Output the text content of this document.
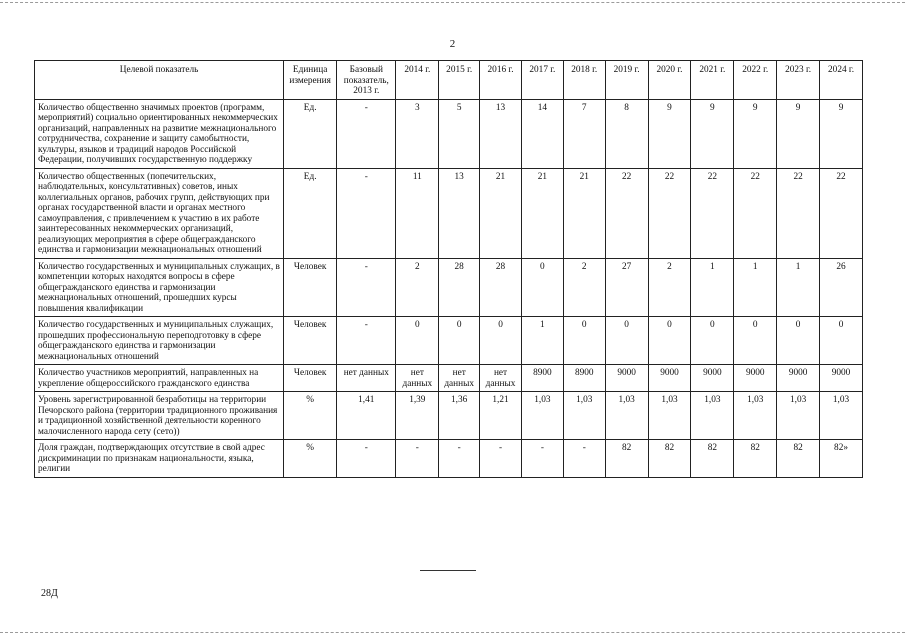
2
Целевой показатель	Единица измерения	Базовый показатель, 2013 г.	2014 г.	2015 г.	2016 г.	2017 г.	2018 г.	2019 г.	2020 г.	2021 г.	2022 г.	2023 г.	2024 г.
Количество общественно значимых проектов (программ, мероприятий) социально ориентированных некоммерческих организаций, направленных на развитие межнационального сотрудничества, сохранение и защиту самобытности, культуры, языков и традиций народов Российской Федерации, получивших государственную поддержку	Ед.	-	3	5	13	14	7	8	9	9	9	9	9
Количество общественных (попечительских, наблюдательных, консультативных) советов, иных коллегиальных органов, рабочих групп, действующих при органах государственной власти и органах местного самоуправления, с привлечением к участию в их работе заинтересованных некоммерческих организаций, реализующих мероприятия в сфере общегражданского единства и гармонизации межнациональных отношений	Ед.	-	11	13	21	21	21	22	22	22	22	22	22
Количество государственных и муниципальных служащих, в компетенции которых находятся вопросы в сфере общегражданского единства и гармонизации межнациональных отношений, прошедших курсы повышения квалификации	Человек	-	2	28	28	0	2	27	2	1	1	1	26
Количество государственных и муниципальных служащих, прошедших профессиональную переподготовку в сфере общегражданского единства и гармонизации межнациональных отношений	Человек	-	0	0	0	1	0	0	0	0	0	0	0
Количество участников мероприятий, направленных на укрепление общероссийского гражданского единства	Человек	нет данных	нет данных	нет данных	нет данных	8900	8900	9000	9000	9000	9000	9000	9000
Уровень зарегистрированной безработицы на территории Печорского района (территории традиционного проживания и традиционной хозяйственной деятельности коренного малочисленного народа сету (сето))	%	1,41	1,39	1,36	1,21	1,03	1,03	1,03	1,03	1,03	1,03	1,03	1,03
Доля граждан, подтверждающих отсутствие в свой адрес дискриминации по признакам национальности, языка, религии	%	-	-	-	-	-	-	82	82	82	82	82	82»
28Д
